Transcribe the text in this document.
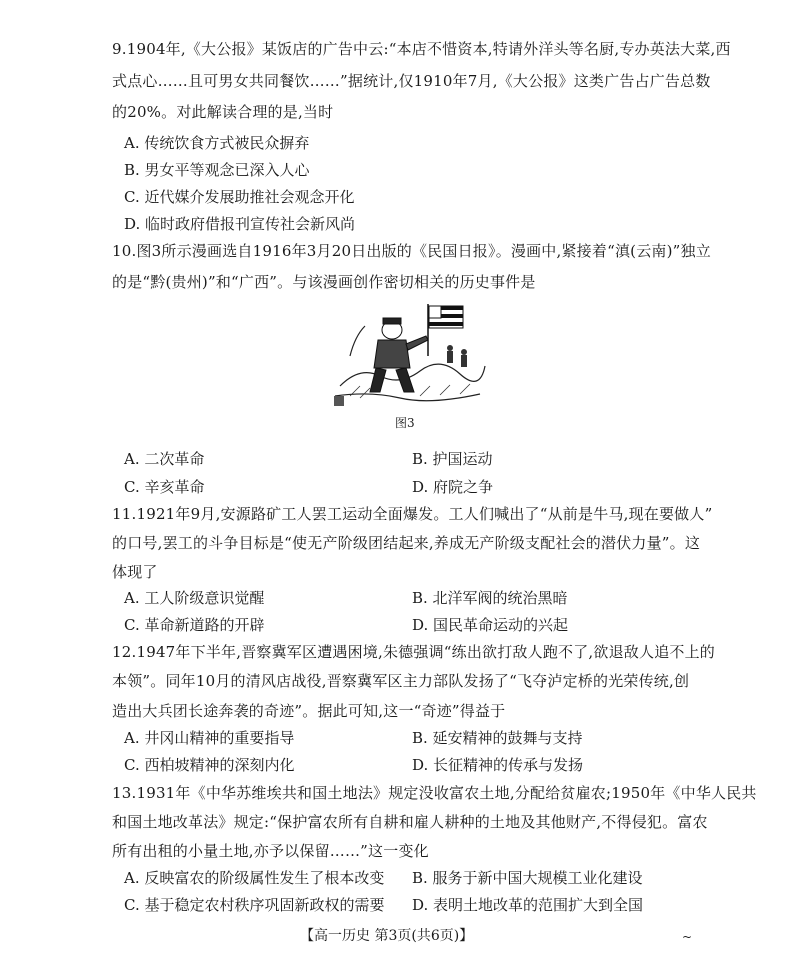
9.1904年,《大公报》某饭店的广告中云:“本店不惜资本,特请外洋头等名厨,专办英法大菜,西
式点心……且可男女共同餐饮……”据统计,仅1910年7月,《大公报》这类广告占广告总数
的20%。对此解读合理的是,当时
A. 传统饮食方式被民众摒弃
B. 男女平等观念已深入人心
C. 近代媒介发展助推社会观念开化
D. 临时政府借报刊宣传社会新风尚
10.图3所示漫画选自1916年3月20日出版的《民国日报》。漫画中,紧接着“滇(云南)”独立
的是“黔(贵州)”和“广西”。与该漫画创作密切相关的历史事件是
图3
A. 二次革命	B. 护国运动
C. 辛亥革命	D. 府院之争
11.1921年9月,安源路矿工人罢工运动全面爆发。工人们喊出了“从前是牛马,现在要做人”
的口号,罢工的斗争目标是“使无产阶级团结起来,养成无产阶级支配社会的潜伏力量”。这
体现了
A. 工人阶级意识觉醒	B. 北洋军阀的统治黑暗
C. 革命新道路的开辟	D. 国民革命运动的兴起
12.1947年下半年,晋察冀军区遭遇困境,朱德强调“练出欲打敌人跑不了,欲退敌人追不上的
本领”。同年10月的清风店战役,晋察冀军区主力部队发扬了“飞夺泸定桥的光荣传统,创
造出大兵团长途奔袭的奇迹”。据此可知,这一“奇迹”得益于
A. 井冈山精神的重要指导	B. 延安精神的鼓舞与支持
C. 西柏坡精神的深刻内化	D. 长征精神的传承与发扬
13.1931年《中华苏维埃共和国土地法》规定没收富农土地,分配给贫雇农;1950年《中华人民共
和国土地改革法》规定:“保护富农所有自耕和雇人耕种的土地及其他财产,不得侵犯。富农
所有出租的小量土地,亦予以保留……”这一变化
A. 反映富农的阶级属性发生了根本改变 B. 服务于新中国大规模工业化建设
C. 基于稳定农村秩序巩固新政权的需要 D. 表明土地改革的范围扩大到全国
【高一历史 第3页(共6页)】	~
